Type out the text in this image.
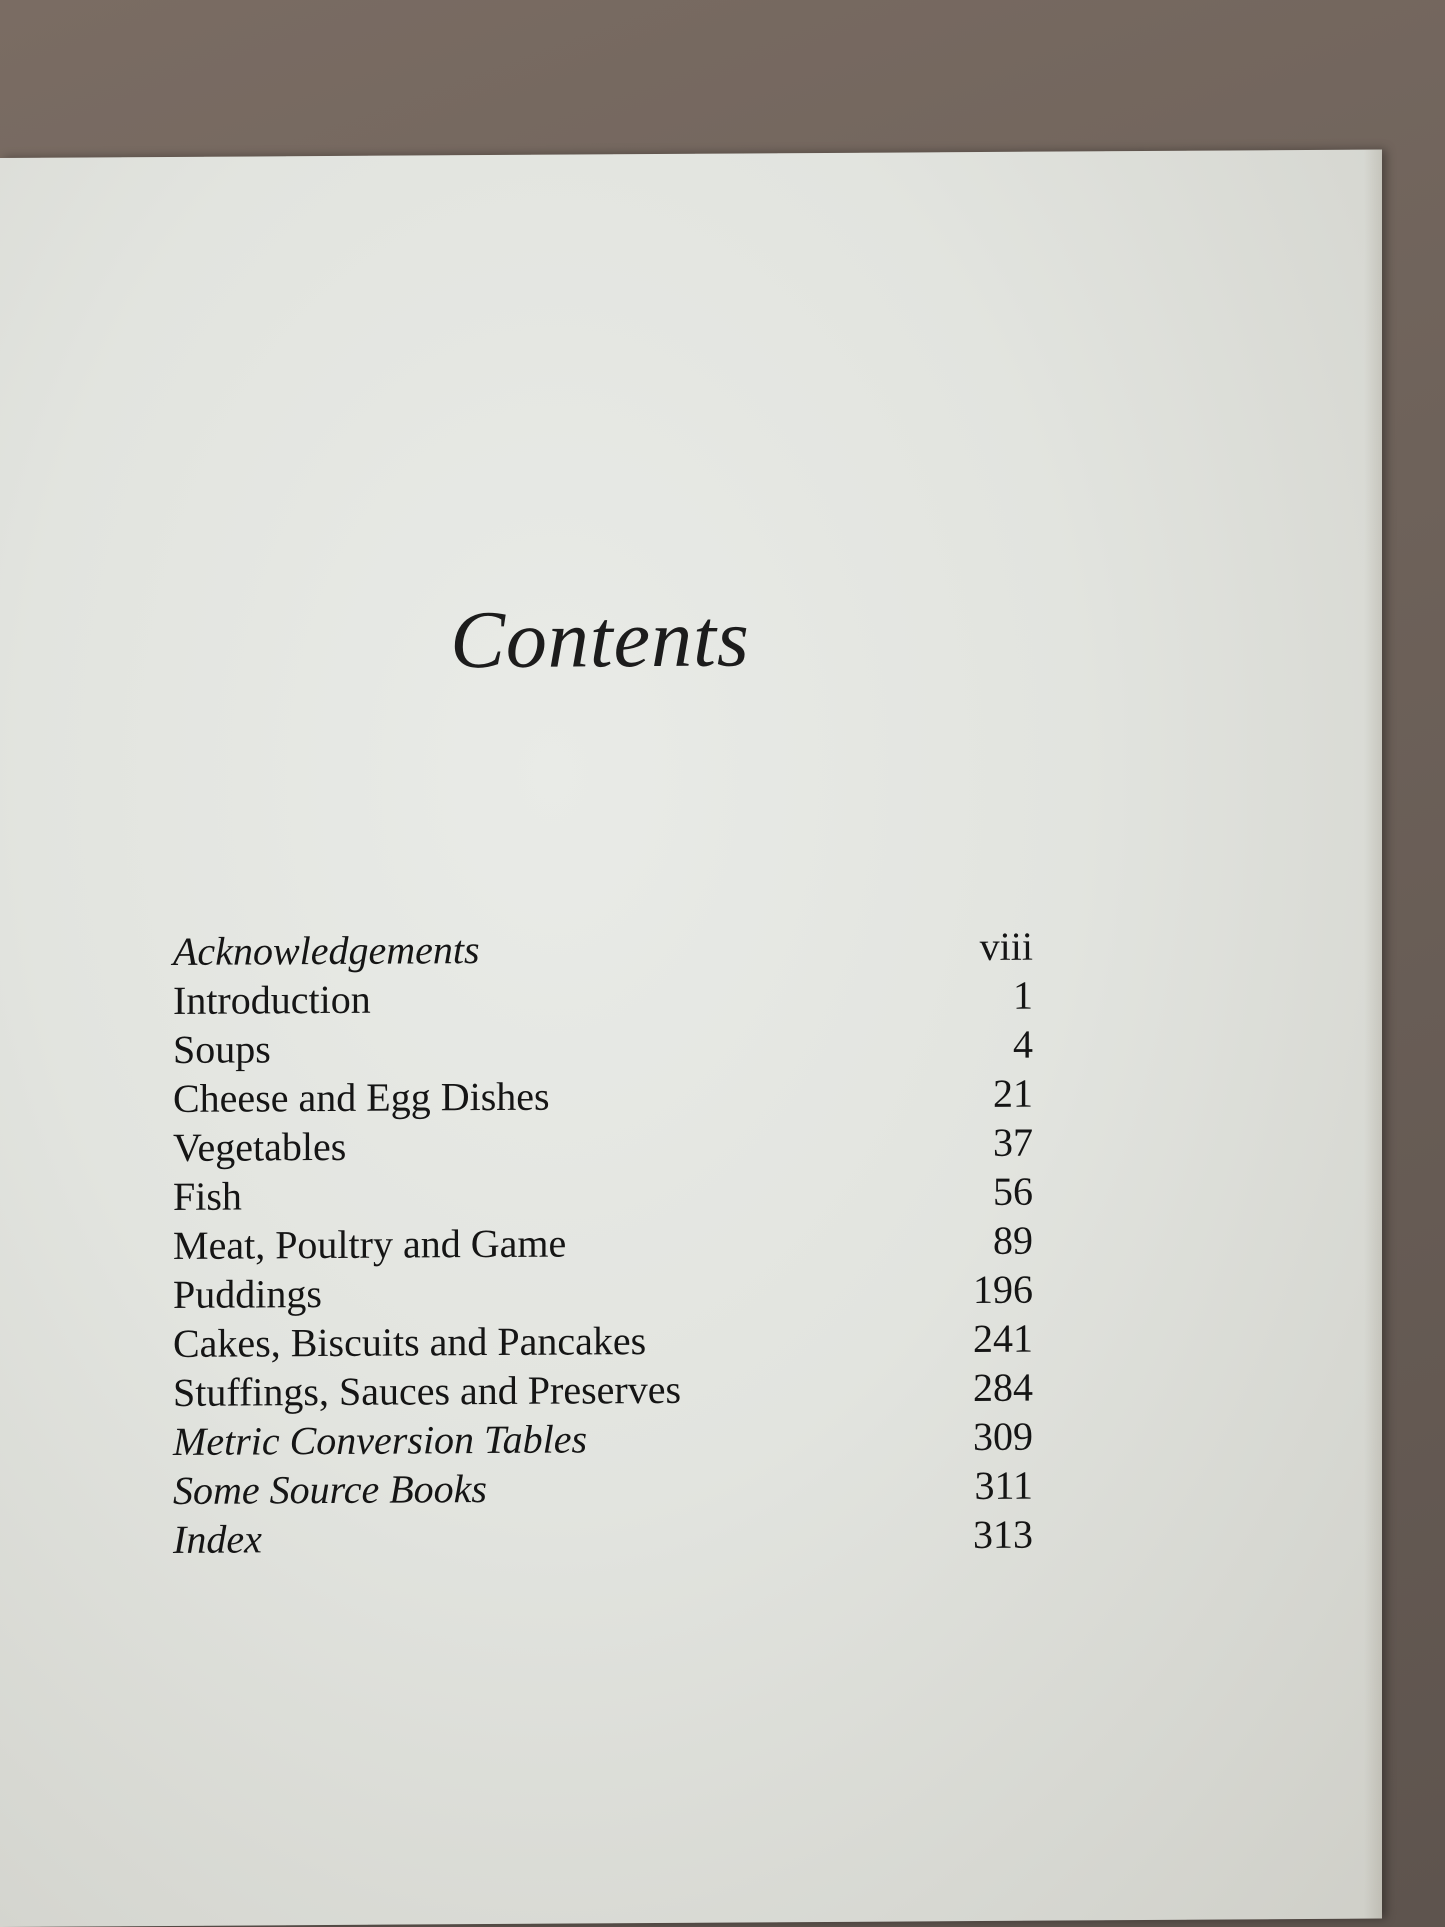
Contents
Acknowledgements	viii
Introduction	1
Soups	4
Cheese and Egg Dishes	21
Vegetables	37
Fish	56
Meat, Poultry and Game	89
Puddings	196
Cakes, Biscuits and Pancakes	241
Stuffings, Sauces and Preserves	284
Metric Conversion Tables	309
Some Source Books	311
Index	313
